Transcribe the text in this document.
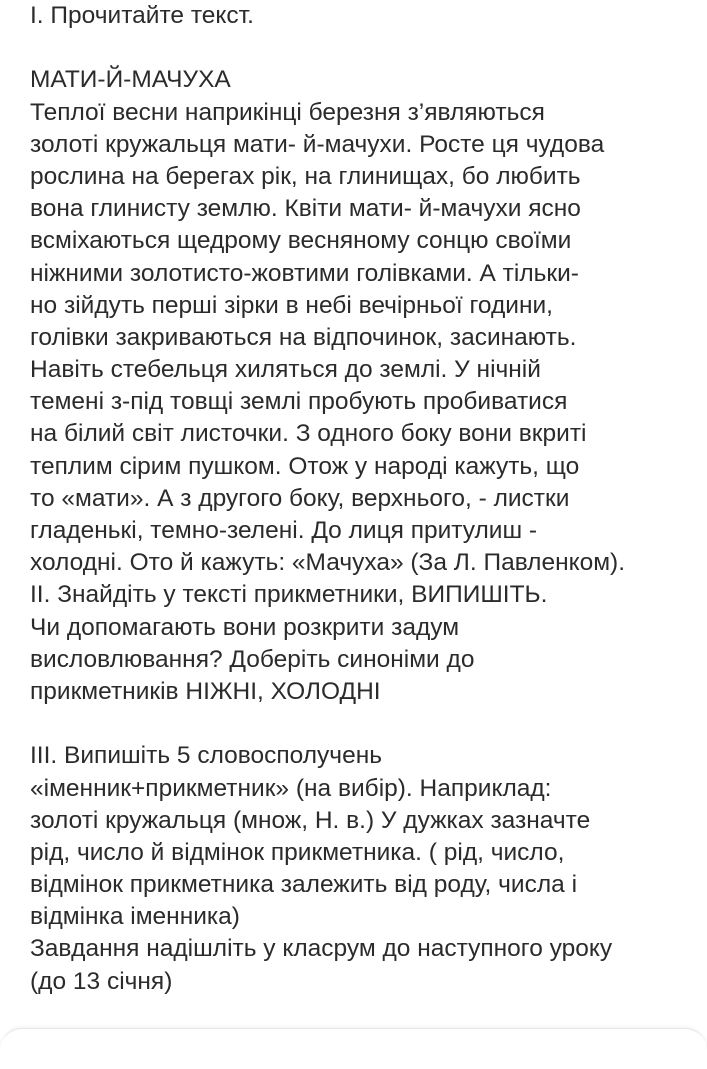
I. Прочитайте текст.
МАТИ-Й-МАЧУХА
Теплої весни наприкінці березня з’являються
золоті кружальця мати- й-мачухи. Росте ця чудова
рослина на берегах рік, на глинищах, бо любить
вона глинисту землю. Квіти мати- й-мачухи ясно
всміхаються щедрому весняному сонцю своїми
ніжними золотисто-жовтими голівками. А тільки-
но зійдуть перші зірки в небі вечірньої години,
голівки закриваються на відпочинок, засинають.
Навіть стебельця хиляться до землі. У нічній
темені з-під товщі землі пробують пробиватися
на білий світ листочки. З одного боку вони вкриті
теплим сірим пушком. Отож у народі кажуть, що
то «мати». А з другого боку, верхнього, - листки
гладенькі, темно-зелені. До лиця притулиш -
холодні. Ото й кажуть: «Мачуха» (За Л. Павленком).
II. Знайдіть у тексті прикметники, ВИПИШІТЬ.
Чи допомагають вони розкрити задум
висловлювання? Доберіть синоніми до
прикметників НІЖНІ, ХОЛОДНІ
III. Випишіть 5 словосполучень
«іменник+прикметник» (на вибір). Наприклад:
золоті кружальця (множ, Н. в.) У дужках зазначте
рід, число й відмінок прикметника. ( рід, число,
відмінок прикметника залежить від роду, числа і
відмінка іменника)
Завдання надішліть у класрум до наступного уроку
(до 13 січня)
